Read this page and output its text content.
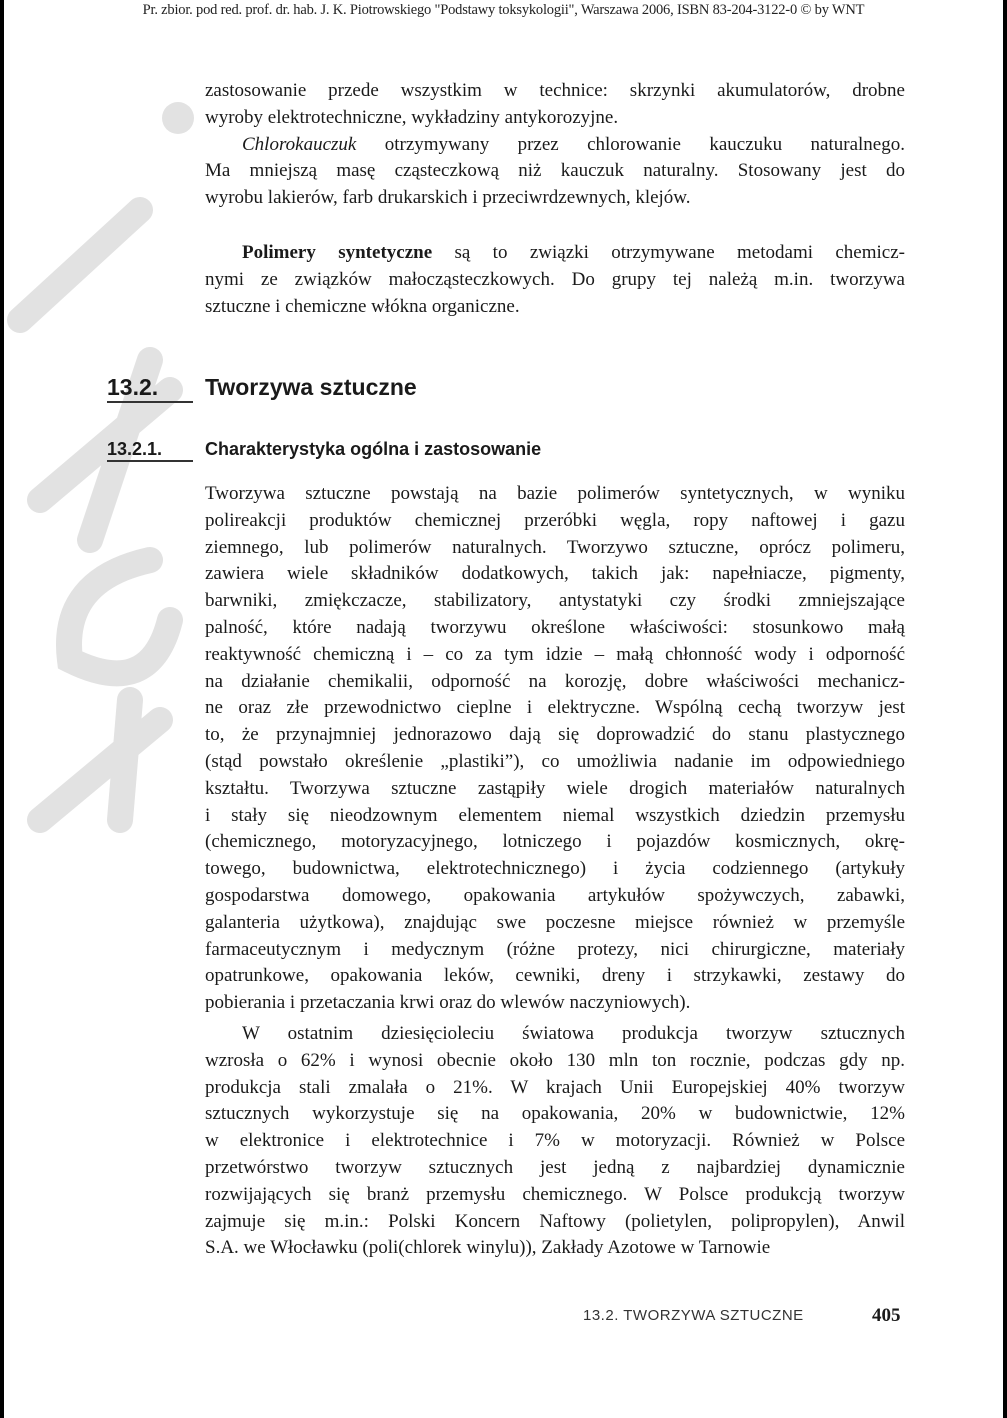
Pr. zbior. pod red. prof. dr. hab. J. K. Piotrowskiego "Podstawy toksykologii", Warszawa 2006, ISBN 83-204-3122-0 © by WNT
zastosowanie przede wszystkim w technice: skrzynki akumulatorów, drobne
wyroby elektrotechniczne, wykładziny antykorozyjne.
Chlorokauczuk otrzymywany przez chlorowanie kauczuku naturalnego.
Ma mniejszą masę cząsteczkową niż kauczuk naturalny. Stosowany jest do
wyrobu lakierów, farb drukarskich i przeciwrdzewnych, klejów.
Polimery syntetyczne są to związki otrzymywane metodami chemicz-
nymi ze związków małocząsteczkowych. Do grupy tej należą m.in. tworzywa
sztuczne i chemiczne włókna organiczne.
13.2. Tworzywa sztuczne
13.2.1. Charakterystyka ogólna i zastosowanie
Tworzywa sztuczne powstają na bazie polimerów syntetycznych, w wyniku
polireakcji produktów chemicznej przeróbki węgla, ropy naftowej i gazu
ziemnego, lub polimerów naturalnych. Tworzywo sztuczne, oprócz polimeru,
zawiera wiele składników dodatkowych, takich jak: napełniacze, pigmenty,
barwniki, zmiękczacze, stabilizatory, antystatyki czy środki zmniejszające
palność, które nadają tworzywu określone właściwości: stosunkowo małą
reaktywność chemiczną i – co za tym idzie – małą chłonność wody i odporność
na działanie chemikalii, odporność na korozję, dobre właściwości mechanicz-
ne oraz złe przewodnictwo cieplne i elektryczne. Wspólną cechą tworzyw jest
to, że przynajmniej jednorazowo dają się doprowadzić do stanu plastycznego
(stąd powstało określenie „plastiki”), co umożliwia nadanie im odpowiedniego
kształtu. Tworzywa sztuczne zastąpiły wiele drogich materiałów naturalnych
i stały się nieodzownym elementem niemal wszystkich dziedzin przemysłu
(chemicznego, motoryzacyjnego, lotniczego i pojazdów kosmicznych, okrę-
towego, budownictwa, elektrotechnicznego) i życia codziennego (artykuły
gospodarstwa domowego, opakowania artykułów spożywczych, zabawki,
galanteria użytkowa), znajdując swe poczesne miejsce również w przemyśle
farmaceutycznym i medycznym (różne protezy, nici chirurgiczne, materiały
opatrunkowe, opakowania leków, cewniki, dreny i strzykawki, zestawy do
pobierania i przetaczania krwi oraz do wlewów naczyniowych).
W ostatnim dziesięcioleciu światowa produkcja tworzyw sztucznych
wzrosła o 62% i wynosi obecnie około 130 mln ton rocznie, podczas gdy np.
produkcja stali zmalała o 21%. W krajach Unii Europejskiej 40% tworzyw
sztucznych wykorzystuje się na opakowania, 20% w budownictwie, 12%
w elektronice i elektrotechnice i 7% w motoryzacji. Również w Polsce
przetwórstwo tworzyw sztucznych jest jedną z najbardziej dynamicznie
rozwijających się branż przemysłu chemicznego. W Polsce produkcją tworzyw
zajmuje się m.in.: Polski Koncern Naftowy (polietylen, polipropylen), Anwil
S.A. we Włocławku (poli(chlorek winylu)), Zakłady Azotowe w Tarnowie
13.2. TWORZYWA SZTUCZNE	405
